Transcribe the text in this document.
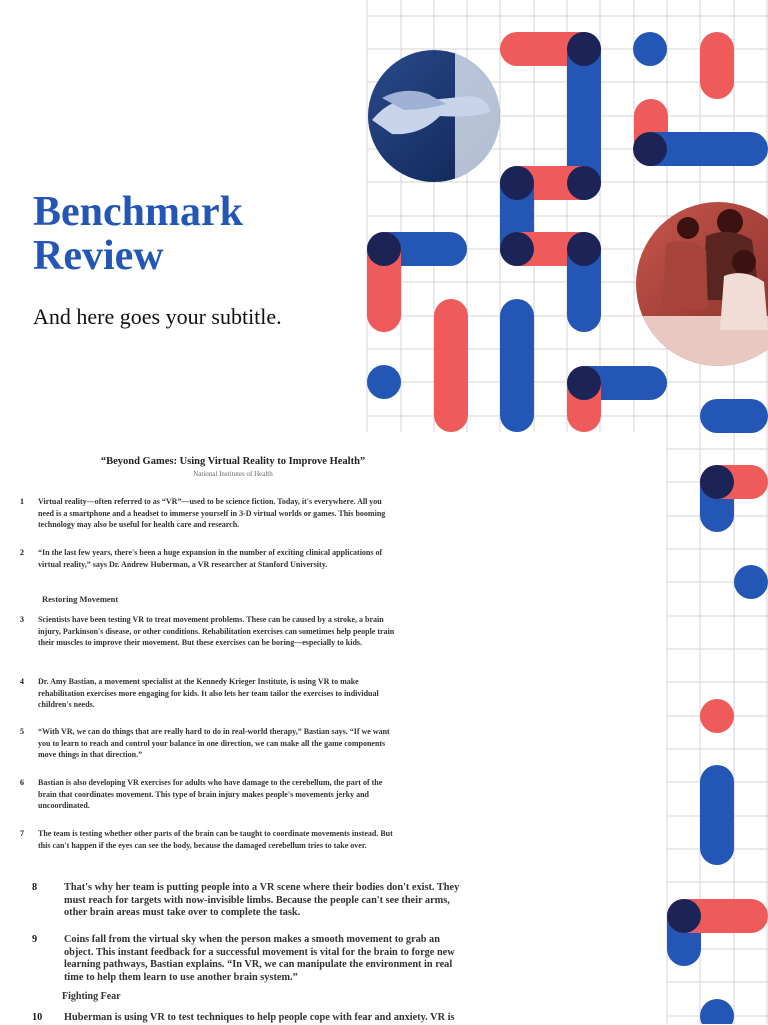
Benchmark
Review
And here goes your subtitle.
“Beyond Games: Using Virtual Reality to Improve Health”
National Institutes of Health
1	Virtual reality—often referred to as “VR”—used to be science fiction. Today, it's everywhere. All you need is a smartphone and a headset to immerse yourself in 3-D virtual worlds or games. This booming technology may also be useful for health care and research.
2	“In the last few years, there's been a huge expansion in the number of exciting clinical applications of virtual reality,” says Dr. Andrew Huberman, a VR researcher at Stanford University.
Restoring Movement
3	Scientists have been testing VR to treat movement problems. These can be caused by a stroke, a brain injury, Parkinson's disease, or other conditions. Rehabilitation exercises can sometimes help people train their muscles to improve their movement. But these exercises can be boring—especially to kids.
4	Dr. Amy Bastian, a movement specialist at the Kennedy Krieger Institute, is using VR to make rehabilitation exercises more engaging for kids. It also lets her team tailor the exercises to individual children's needs.
5	“With VR, we can do things that are really hard to do in real-world therapy,” Bastian says. “If we want you to learn to reach and control your balance in one direction, we can make all the game components move things in that direction.”
6	Bastian is also developing VR exercises for adults who have damage to the cerebellum, the part of the brain that coordinates movement. This type of brain injury makes people's movements jerky and uncoordinated.
7	The team is testing whether other parts of the brain can be taught to coordinate movements instead. But this can't happen if the eyes can see the body, because the damaged cerebellum tries to take over.
8	That's why her team is putting people into a VR scene where their bodies don't exist. They must reach for targets with now-invisible limbs. Because the people can't see their arms, other brain areas must take over to complete the task.
9	Coins fall from the virtual sky when the person makes a smooth movement to grab an object. This instant feedback for a successful movement is vital for the brain to forge new learning pathways, Bastian explains. “In VR, we can manipulate the environment in real time to help them learn to use another brain system.”
Fighting Fear
10	Huberman is using VR to test techniques to help people cope with fear and anxiety. VR is
